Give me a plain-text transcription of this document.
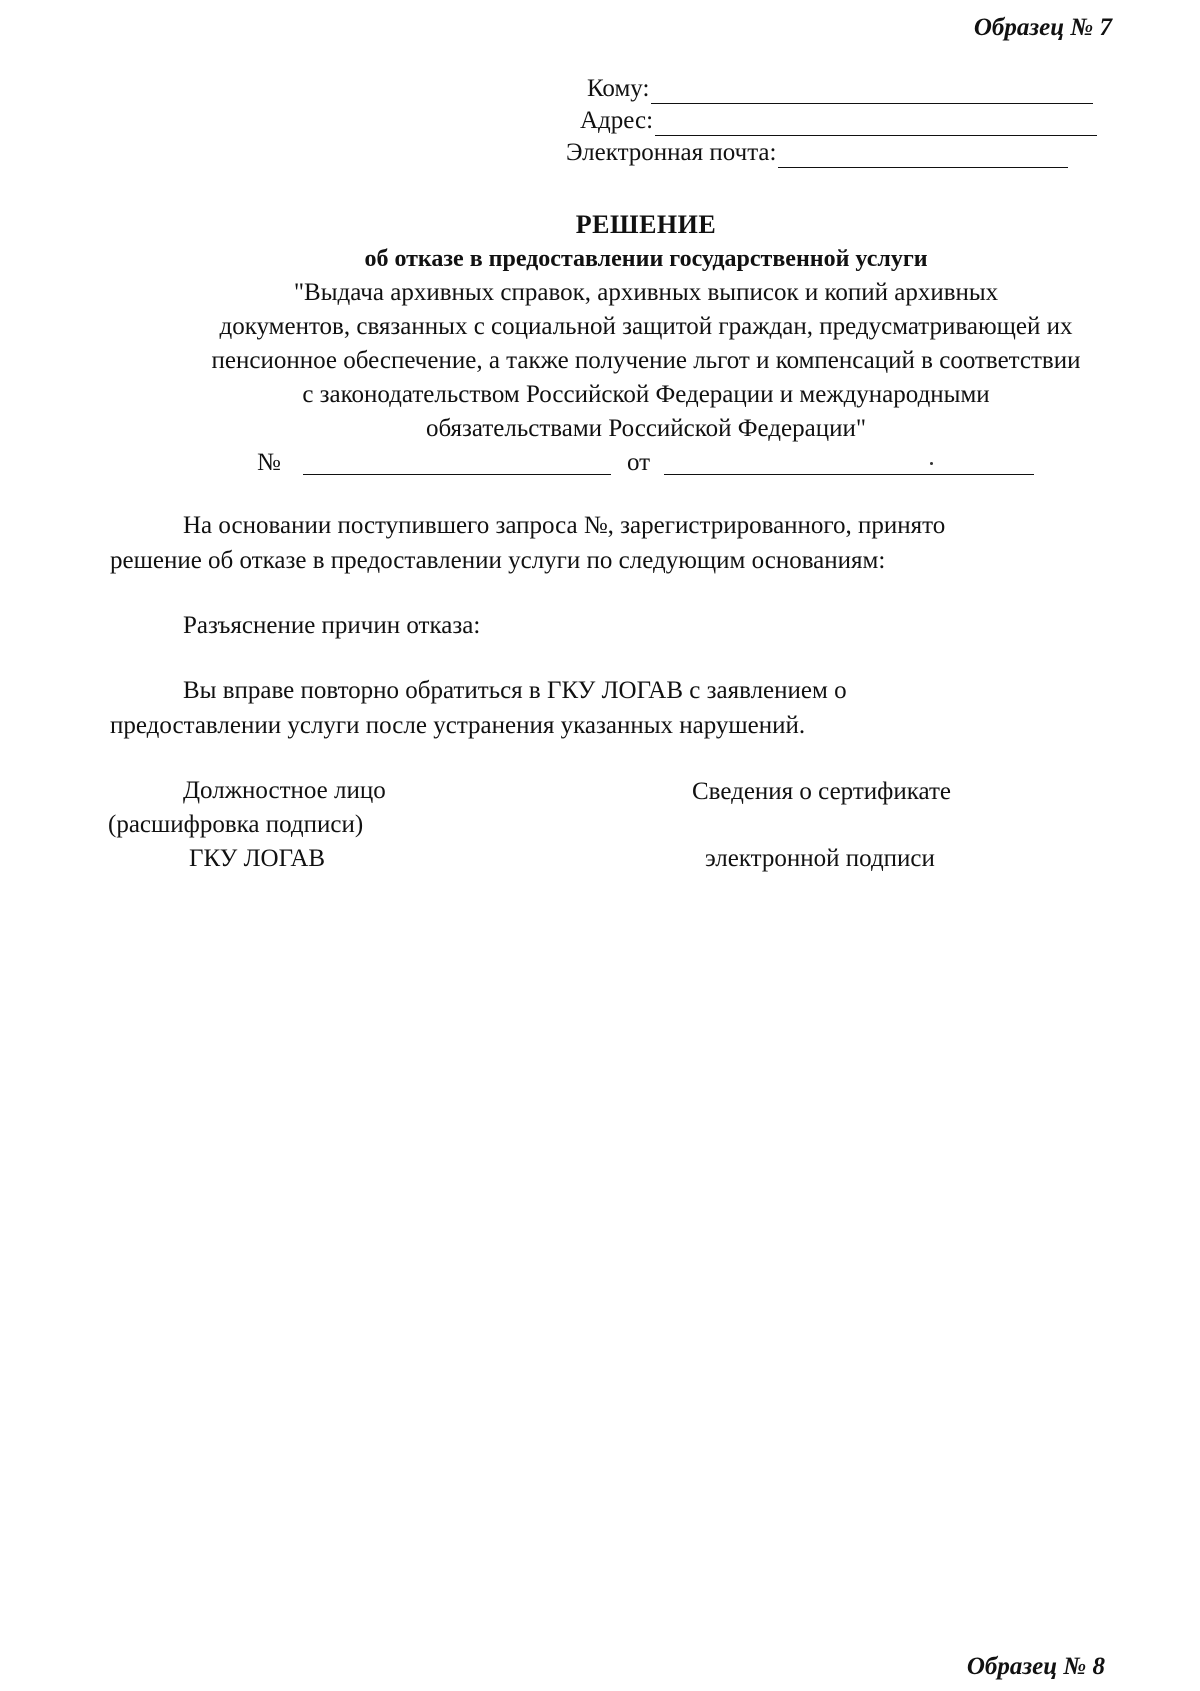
Образец № 7
Кому:
Адрес:
Электронная почта:
РЕШЕНИЕ
об отказе в предоставлении государственной услуги
"Выдача архивных справок, архивных выписок и копий архивных
документов, связанных с социальной защитой граждан, предусматривающей их
пенсионное обеспечение, а также получение льгот и компенсаций в соответствии
с законодательством Российской Федерации и международными
обязательствами Российской Федерации"
№	от
На основании поступившего запроса №, зарегистрированного, принято
решение об отказе в предоставлении услуги по следующим основаниям:
Разъяснение причин отказа:
Вы вправе повторно обратиться в ГКУ ЛОГАВ с заявлением о
предоставлении услуги после устранения указанных нарушений.
Должностное лицо
(расшифровка подписи)
ГКУ ЛОГАВ
Сведения о сертификате
электронной подписи
Образец № 8
